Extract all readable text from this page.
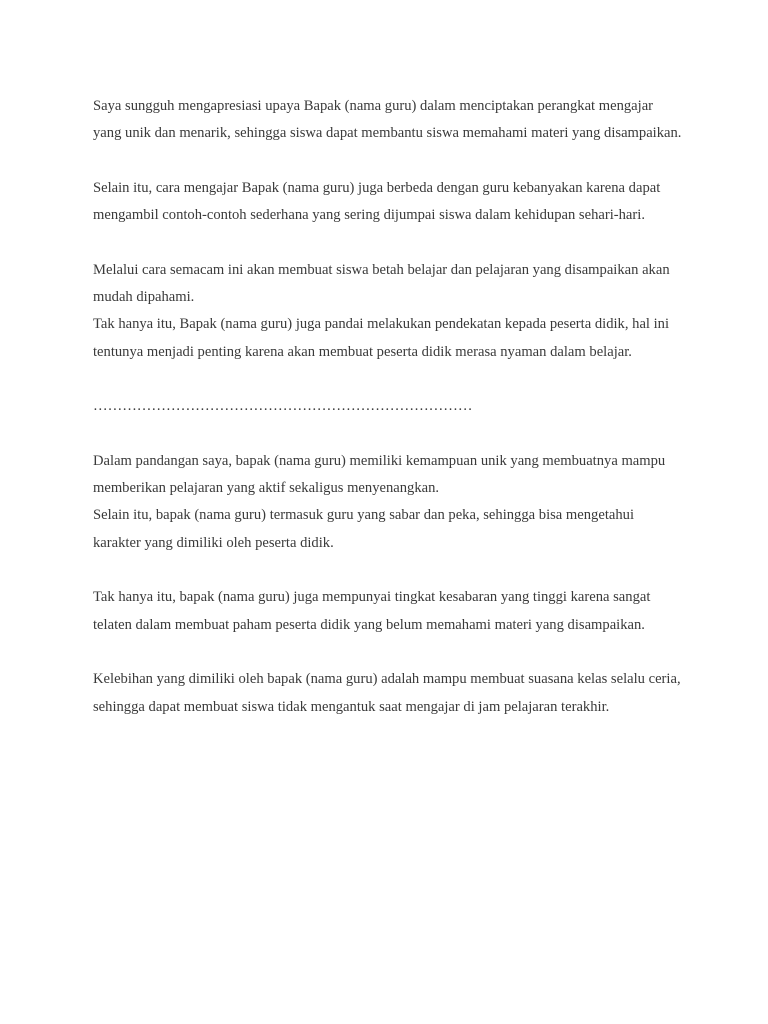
Saya sungguh mengapresiasi upaya Bapak (nama guru) dalam menciptakan perangkat mengajar yang unik dan menarik, sehingga siswa dapat membantu siswa memahami materi yang disampaikan.

Selain itu, cara mengajar Bapak (nama guru) juga berbeda dengan guru kebanyakan karena dapat mengambil contoh-contoh sederhana yang sering dijumpai siswa dalam kehidupan sehari-hari.

Melalui cara semacam ini akan membuat siswa betah belajar dan pelajaran yang disampaikan akan mudah dipahami.

Tak hanya itu, Bapak (nama guru) juga pandai melakukan pendekatan kepada peserta didik, hal ini tentunya menjadi penting karena akan membuat peserta didik merasa nyaman dalam belajar.

……………………………………………………………………

Dalam pandangan saya, bapak (nama guru) memiliki kemampuan unik yang membuatnya mampu memberikan pelajaran yang aktif sekaligus menyenangkan.

Selain itu, bapak (nama guru) termasuk guru yang sabar dan peka, sehingga bisa mengetahui karakter yang dimiliki oleh peserta didik.

Tak hanya itu, bapak (nama guru) juga mempunyai tingkat kesabaran yang tinggi karena sangat telaten dalam membuat paham peserta didik yang belum memahami materi yang disampaikan.

Kelebihan yang dimiliki oleh bapak (nama guru) adalah mampu membuat suasana kelas selalu ceria, sehingga dapat membuat siswa tidak mengantuk saat mengajar di jam pelajaran terakhir.
